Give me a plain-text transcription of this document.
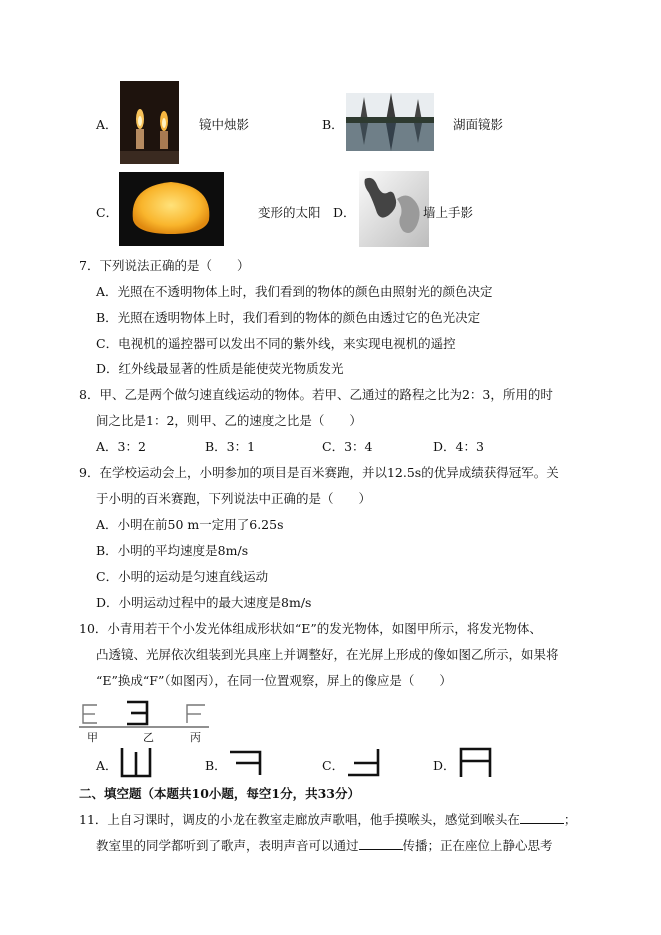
A．	镜中烛影	B．	湖面镜影
C．	变形的太阳 D．	墙上手影
7．下列说法正确的是（　　）
A．光照在不透明物体上时，我们看到的物体的颜色由照射光的颜色决定
B．光照在透明物体上时，我们看到的物体的颜色由透过它的色光决定
C．电视机的遥控器可以发出不同的紫外线，来实现电视机的遥控
D．红外线最显著的性质是能使荧光物质发光
8．甲、乙是两个做匀速直线运动的物体。若甲、乙通过的路程之比为2：3，所用的时
间之比是1：2，则甲、乙的速度之比是（　　）
A．3：2	B．3：1	C．3：4	D．4：3
9．在学校运动会上，小明参加的项目是百米赛跑，并以12.5s的优异成绩获得冠军。关
于小明的百米赛跑，下列说法中正确的是（　　）
A．小明在前50 m一定用了6.25s
B．小明的平均速度是8m/s
C．小明的运动是匀速直线运动
D．小明运动过程中的最大速度是8m/s
10．小青用若干个小发光体组成形状如“E”的发光物体，如图甲所示，将发光物体、
凸透镜、光屏依次组装到光具座上并调整好，在光屏上形成的像如图乙所示，如果将
“E”换成“F”（如图丙），在同一位置观察，屏上的像应是（　　）
甲	乙	丙
A．	B．	C．	D．
二、填空题（本题共10小题，每空1分，共33分）
11．上自习课时，调皮的小龙在教室走廊放声歌唱，他手摸喉头，感觉到喉头在	；
教室里的同学都听到了歌声，表明声音可以通过	传播；正在座位上静心思考
